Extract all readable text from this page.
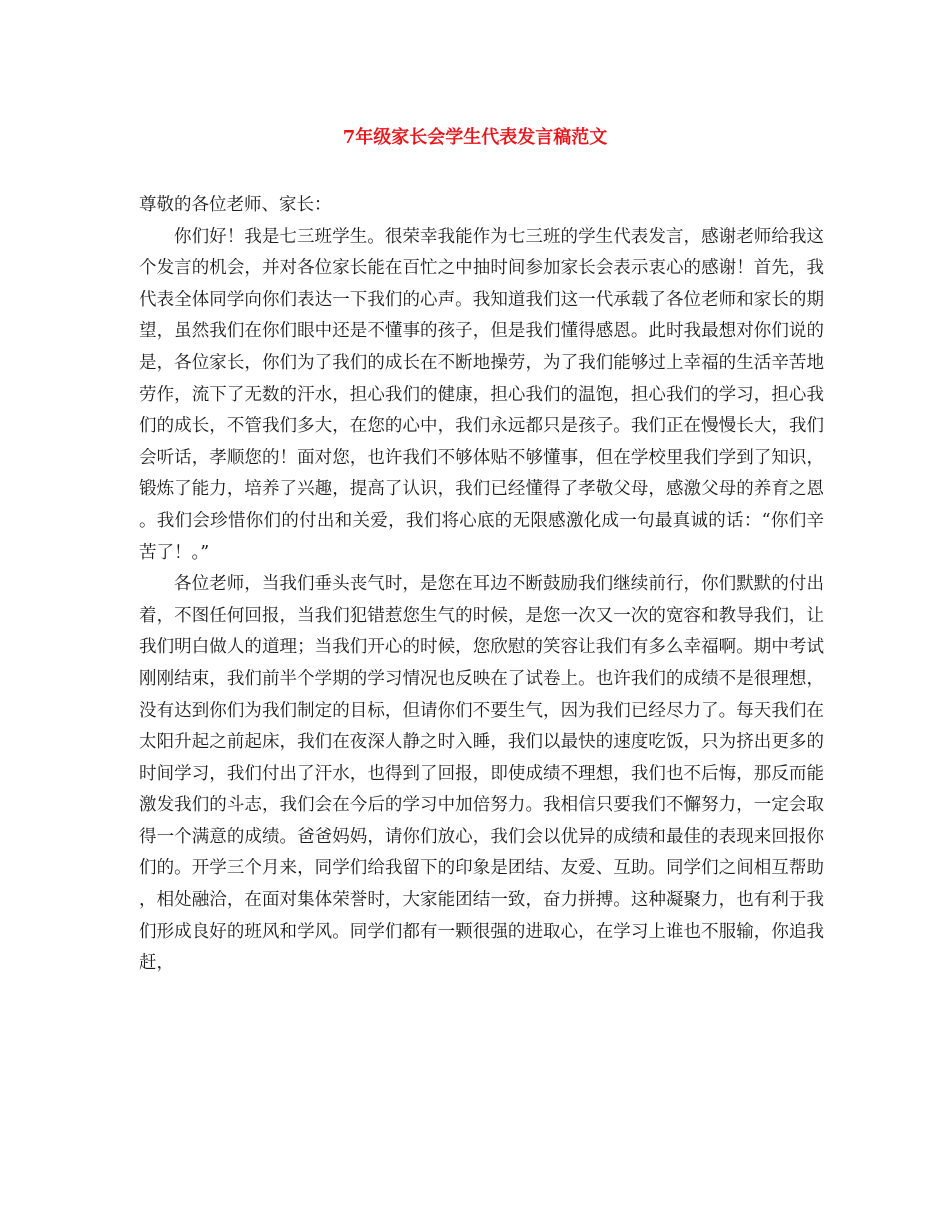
7年级家长会学生代表发言稿范文

尊敬的各位老师、家长：

你们好！我是七三班学生。很荣幸我能作为七三班的学生代表发言，感谢老师给我这个发言的机会，并对各位家长能在百忙之中抽时间参加家长会表示衷心的感谢！首先，我代表全体同学向你们表达一下我们的心声。我知道我们这一代承载了各位老师和家长的期望，虽然我们在你们眼中还是不懂事的孩子，但是我们懂得感恩。此时我最想对你们说的是，各位家长，你们为了我们的成长在不断地操劳，为了我们能够过上幸福的生活辛苦地劳作，流下了无数的汗水，担心我们的健康，担心我们的温饱，担心我们的学习，担心我们的成长，不管我们多大，在您的心中，我们永远都只是孩子。我们正在慢慢长大，我们会听话，孝顺您的！面对您，也许我们不够体贴不够懂事，但在学校里我们学到了知识，锻炼了能力，培养了兴趣，提高了认识，我们已经懂得了孝敬父母，感激父母的养育之恩。我们会珍惜你们的付出和关爱，我们将心底的无限感激化成一句最真诚的话：“你们辛苦了！。”

各位老师，当我们垂头丧气时，是您在耳边不断鼓励我们继续前行，你们默默的付出着，不图任何回报，当我们犯错惹您生气的时候，是您一次又一次的宽容和教导我们，让我们明白做人的道理；当我们开心的时候，您欣慰的笑容让我们有多么幸福啊。期中考试刚刚结束，我们前半个学期的学习情况也反映在了试卷上。也许我们的成绩不是很理想，没有达到你们为我们制定的目标，但请你们不要生气，因为我们已经尽力了。每天我们在太阳升起之前起床，我们在夜深人静之时入睡，我们以最快的速度吃饭，只为挤出更多的时间学习，我们付出了汗水，也得到了回报，即使成绩不理想，我们也不后悔，那反而能激发我们的斗志，我们会在今后的学习中加倍努力。我相信只要我们不懈努力，一定会取得一个满意的成绩。爸爸妈妈，请你们放心，我们会以优异的成绩和最佳的表现来回报你们的。开学三个月来，同学们给我留下的印象是团结、友爱、互助。同学们之间相互帮助，相处融洽，在面对集体荣誉时，大家能团结一致，奋力拼搏。这种凝聚力，也有利于我们形成良好的班风和学风。同学们都有一颗很强的进取心，在学习上谁也不服输，你追我赶，
